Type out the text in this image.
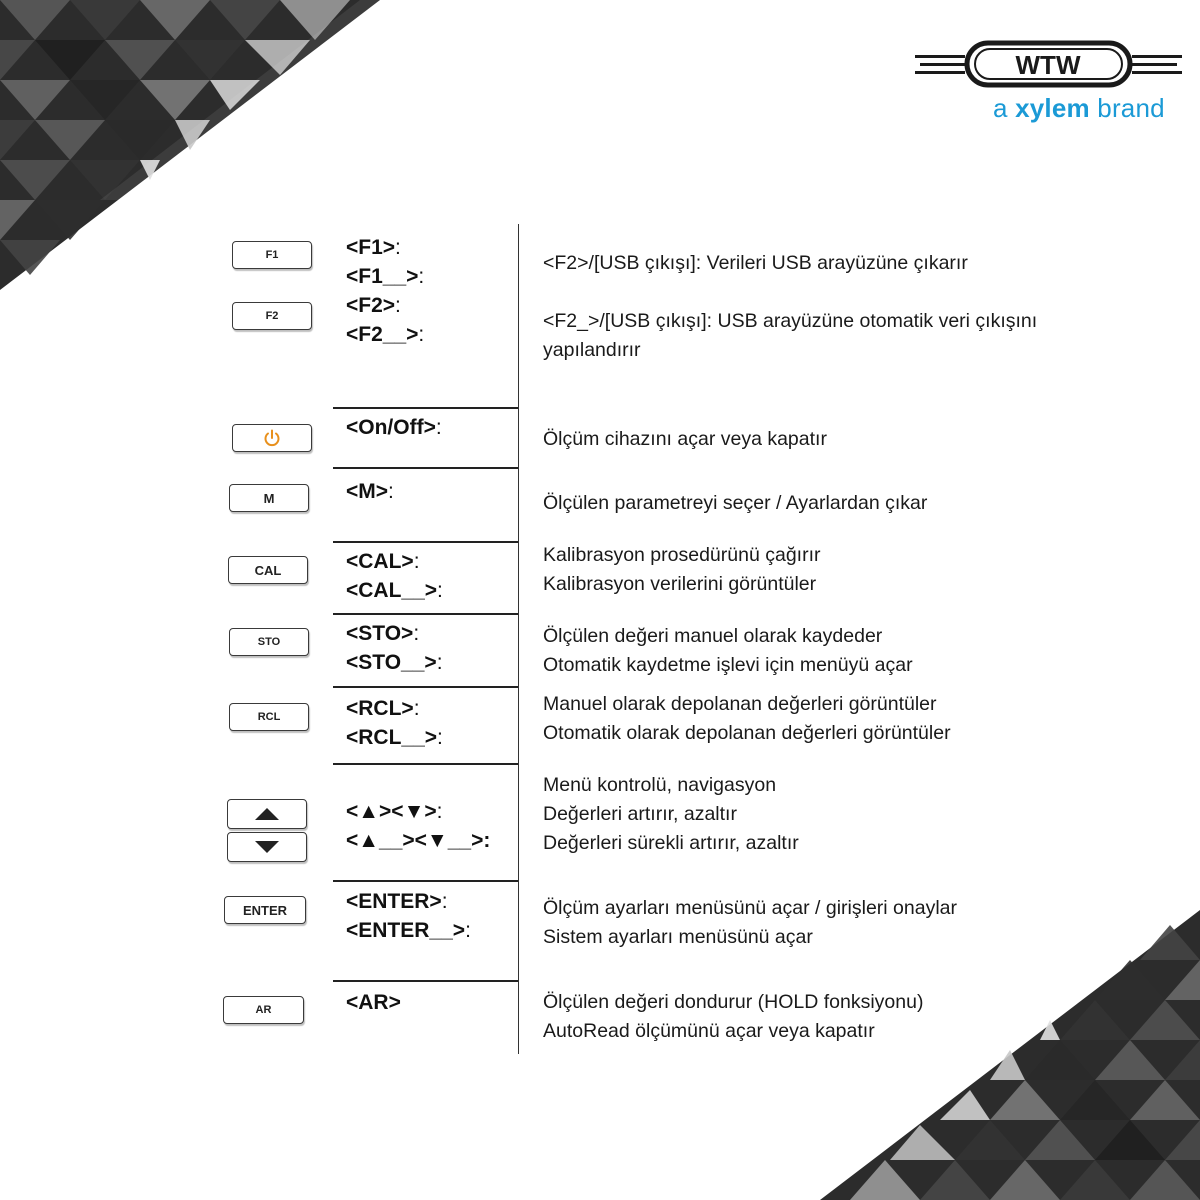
WTW
a xylem brand
F1
F2
M
CAL
STO
RCL
ENTER
AR
<F1>:
<F1__>:
<F2>:
<F2__>:
<On/Off>:
<M>:
<CAL>:
<CAL__>:
<STO>:
<STO__>:
<RCL>:
<RCL__>:
<▲><▼>:
<▲__><▼__>:
<ENTER>:
<ENTER__>:
<AR>
<F2>/[USB çıkışı]: Verileri USB arayüzüne çıkarır
<F2_>/[USB çıkışı]: USB arayüzüne otomatik veri çıkışını
yapılandırır
Ölçüm cihazını açar veya kapatır
Ölçülen parametreyi seçer / Ayarlardan çıkar
Kalibrasyon prosedürünü çağırır
Kalibrasyon verilerini görüntüler
Ölçülen değeri manuel olarak kaydeder
Otomatik kaydetme işlevi için menüyü açar
Manuel olarak depolanan değerleri görüntüler
Otomatik olarak depolanan değerleri görüntüler
Menü kontrolü, navigasyon
Değerleri artırır, azaltır
Değerleri sürekli artırır, azaltır
Ölçüm ayarları menüsünü açar / girişleri onaylar
Sistem ayarları menüsünü açar
Ölçülen değeri dondurur (HOLD fonksiyonu)
AutoRead ölçümünü açar veya kapatır
